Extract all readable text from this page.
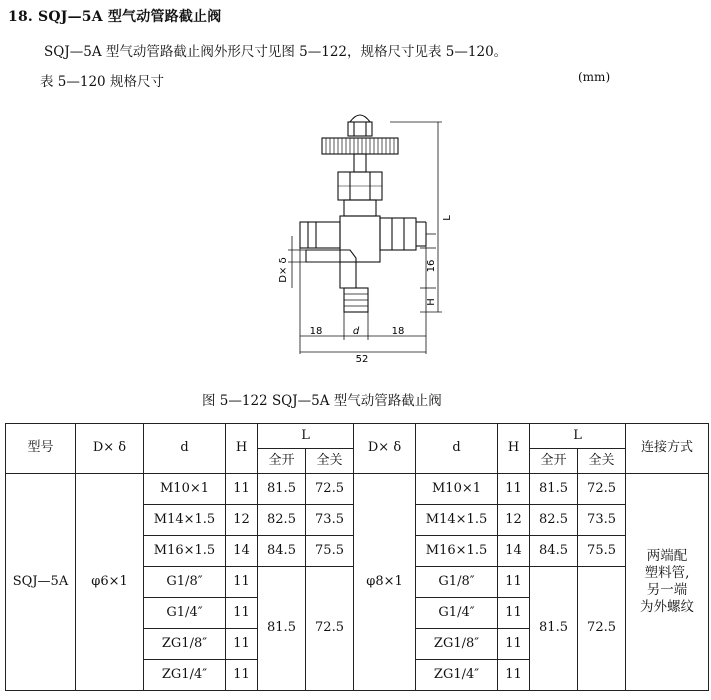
18. SQJ—5A 型气动管路截止阀
SQJ—5A 型气动管路截止阀外形尺寸见图 5—122，规格尺寸见表 5—120。
表 5—120 规格尺寸	(mm)
18	d	18
52
D× δ	16
H
L
图 5—122 SQJ—5A 型气动管路截止阀
型号	D× δ	d	H	L		D× δ	d	H	L		连接方式
				全开	全关				全开	全关	
SQJ—5A	φ6×1	M10×1	11	81.5	72.5	φ8×1	M10×1	11	81.5	72.5	两端配
塑料管,
另一端
为外螺纹
		M14×1.5	12	82.5	73.5		M14×1.5	12	82.5	73.5	
		M16×1.5	14	84.5	75.5		M16×1.5	14	84.5	75.5	
		G1/8″	11	81.5	72.5		G1/8″	11	81.5	72.5	
		G1/4″	11				G1/4″	11			
		ZG1/8″	11				ZG1/8″	11			
		ZG1/4″	11				ZG1/4″	11			
